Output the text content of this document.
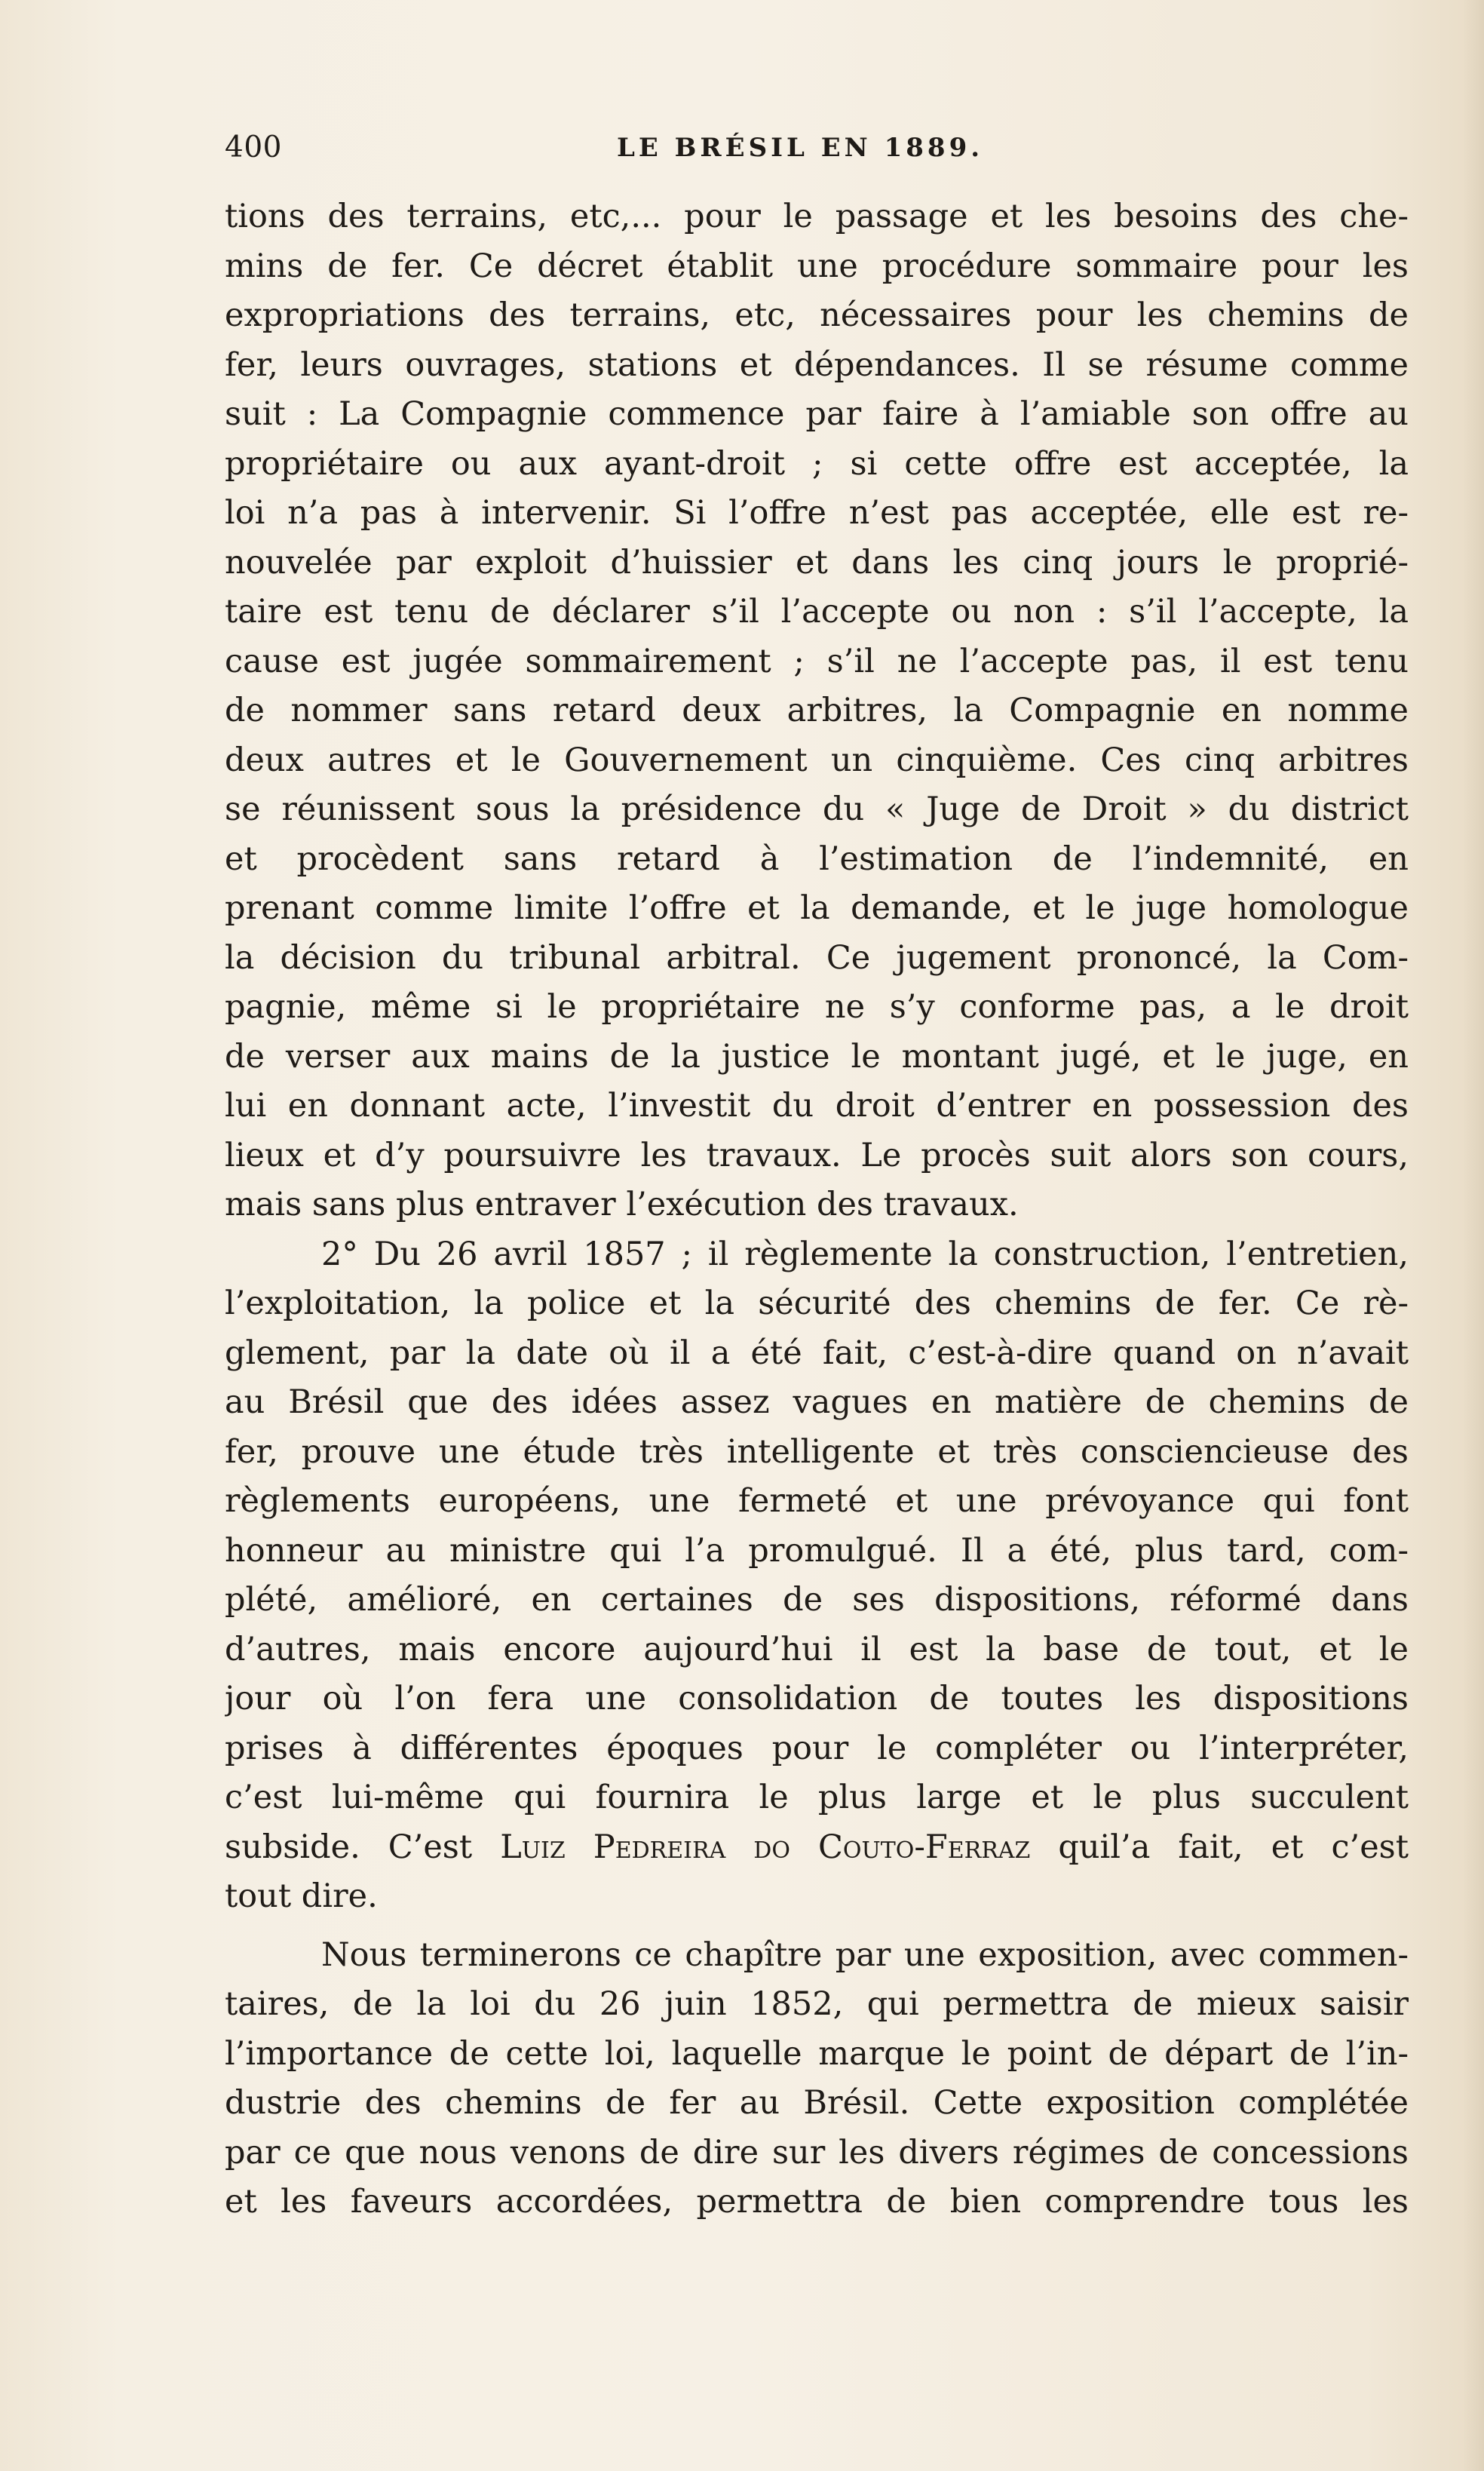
400	LE BRÉSIL EN 1889.
tions des terrains, etc,... pour le passage et les besoins des che-
mins de fer. Ce décret établit une procédure sommaire pour les
expropriations des terrains, etc, nécessaires pour les chemins de
fer, leurs ouvrages, stations et dépendances. Il se résume comme
suit : La Compagnie commence par faire à l’amiable son offre au
propriétaire ou aux ayant-droit ; si cette offre est acceptée, la
loi n’a pas à intervenir. Si l’offre n’est pas acceptée, elle est re-
nouvelée par exploit d’huissier et dans les cinq jours le proprié-
taire est tenu de déclarer s’il l’accepte ou non : s’il l’accepte, la
cause est jugée sommairement ; s’il ne l’accepte pas, il est tenu
de nommer sans retard deux arbitres, la Compagnie en nomme
deux autres et le Gouvernement un cinquième. Ces cinq arbitres
se réunissent sous la présidence du « Juge de Droit » du district
et procèdent sans retard à l’estimation de l’indemnité, en
prenant comme limite l’offre et la demande, et le juge homologue
la décision du tribunal arbitral. Ce jugement prononcé, la Com-
pagnie, même si le propriétaire ne s’y conforme pas, a le droit
de verser aux mains de la justice le montant jugé, et le juge, en
lui en donnant acte, l’investit du droit d’entrer en possession des
lieux et d’y poursuivre les travaux. Le procès suit alors son cours,
mais sans plus entraver l’exécution des travaux.
2° Du 26 avril 1857 ; il règlemente la construction, l’entretien,
l’exploitation, la police et la sécurité des chemins de fer. Ce rè-
glement, par la date où il a été fait, c’est-à-dire quand on n’avait
au Brésil que des idées assez vagues en matière de chemins de
fer, prouve une étude très intelligente et très consciencieuse des
règlements européens, une fermeté et une prévoyance qui font
honneur au ministre qui l’a promulgué. Il a été, plus tard, com-
plété, amélioré, en certaines de ses dispositions, réformé dans
d’autres, mais encore aujourd’hui il est la base de tout, et le
jour où l’on fera une consolidation de toutes les dispositions
prises à différentes époques pour le compléter ou l’interpréter,
c’est lui-même qui fournira le plus large et le plus succulent
subside. C’est Luiz Pedreira do Couto-Ferraz quil’a fait, et c’est
tout dire.
Nous terminerons ce chapître par une exposition, avec commen-
taires, de la loi du 26 juin 1852, qui permettra de mieux saisir
l’importance de cette loi, laquelle marque le point de départ de l’in-
dustrie des chemins de fer au Brésil. Cette exposition complétée
par ce que nous venons de dire sur les divers régimes de concessions
et les faveurs accordées, permettra de bien comprendre tous les
